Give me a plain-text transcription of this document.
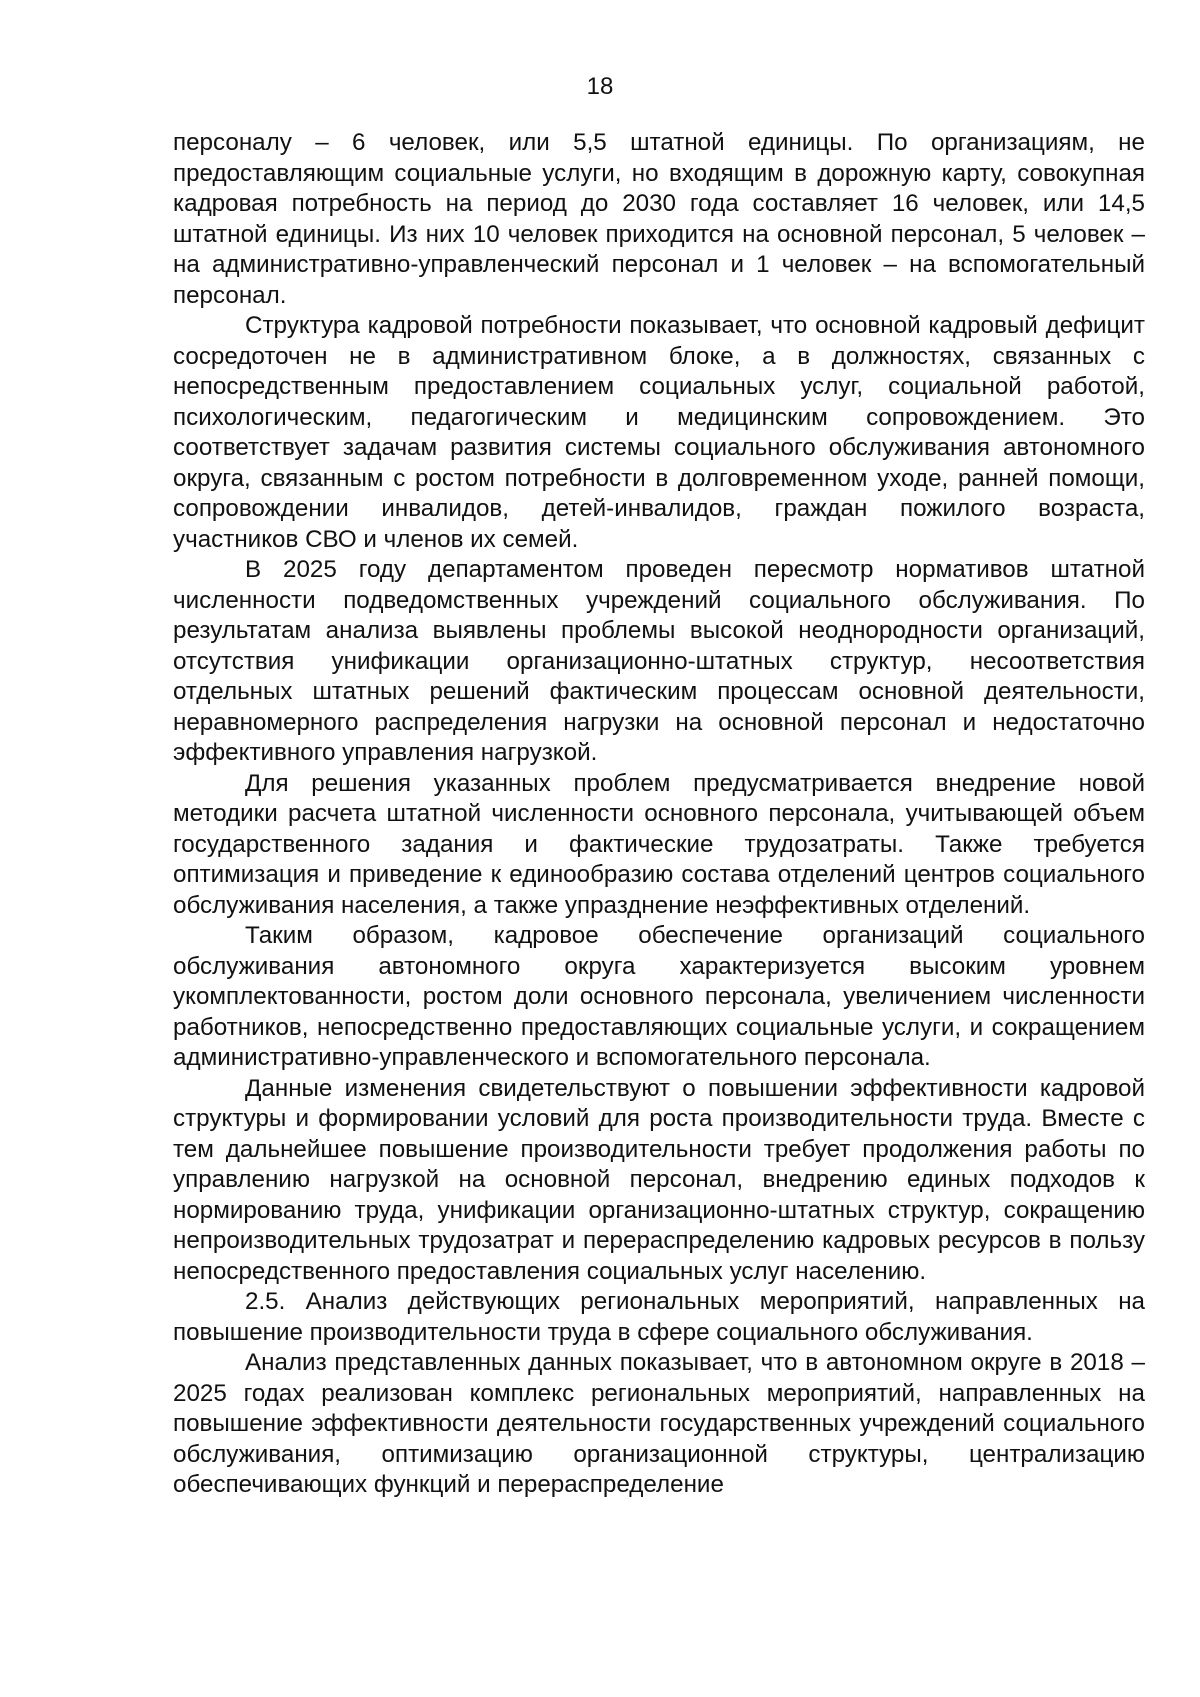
18

персоналу – 6 человек, или 5,5 штатной единицы. По организациям, не предоставляющим социальные услуги, но входящим в дорожную карту, совокупная кадровая потребность на период до 2030 года составляет 16 человек, или 14,5 штатной единицы. Из них 10 человек приходится на основной персонал, 5 человек – на административно-управленческий персонал и 1 человек – на вспомогательный персонал.

Структура кадровой потребности показывает, что основной кадровый дефицит сосредоточен не в административном блоке, а в должностях, связанных с непосредственным предоставлением социальных услуг, социальной работой, психологическим, педагогическим и медицинским сопровождением. Это соответствует задачам развития системы социального обслуживания автономного округа, связанным с ростом потребности в долговременном уходе, ранней помощи, сопровождении инвалидов, детей-инвалидов, граждан пожилого возраста, участников СВО и членов их семей.

В 2025 году департаментом проведен пересмотр нормативов штатной численности подведомственных учреждений социального обслуживания. По результатам анализа выявлены проблемы высокой неоднородности организаций, отсутствия унификации организационно-штатных структур, несоответствия отдельных штатных решений фактическим процессам основной деятельности, неравномерного распределения нагрузки на основной персонал и недостаточно эффективного управления нагрузкой.

Для решения указанных проблем предусматривается внедрение новой методики расчета штатной численности основного персонала, учитывающей объем государственного задания и фактические трудозатраты. Также требуется оптимизация и приведение к единообразию состава отделений центров социального обслуживания населения, а также упразднение неэффективных отделений.

Таким образом, кадровое обеспечение организаций социального обслуживания автономного округа характеризуется высоким уровнем укомплектованности, ростом доли основного персонала, увеличением численности работников, непосредственно предоставляющих социальные услуги, и сокращением административно-управленческого и вспомогательного персонала.

Данные изменения свидетельствуют о повышении эффективности кадровой структуры и формировании условий для роста производительности труда. Вместе с тем дальнейшее повышение производительности требует продолжения работы по управлению нагрузкой на основной персонал, внедрению единых подходов к нормированию труда, унификации организационно-штатных структур, сокращению непроизводительных трудозатрат и перераспределению кадровых ресурсов в пользу непосредственного предоставления социальных услуг населению.

2.5. Анализ действующих региональных мероприятий, направленных на повышение производительности труда в сфере социального обслуживания.

Анализ представленных данных показывает, что в автономном округе в 2018 – 2025 годах реализован комплекс региональных мероприятий, направленных на повышение эффективности деятельности государственных учреждений социального обслуживания, оптимизацию организационной структуры, централизацию обеспечивающих функций и перераспределение
